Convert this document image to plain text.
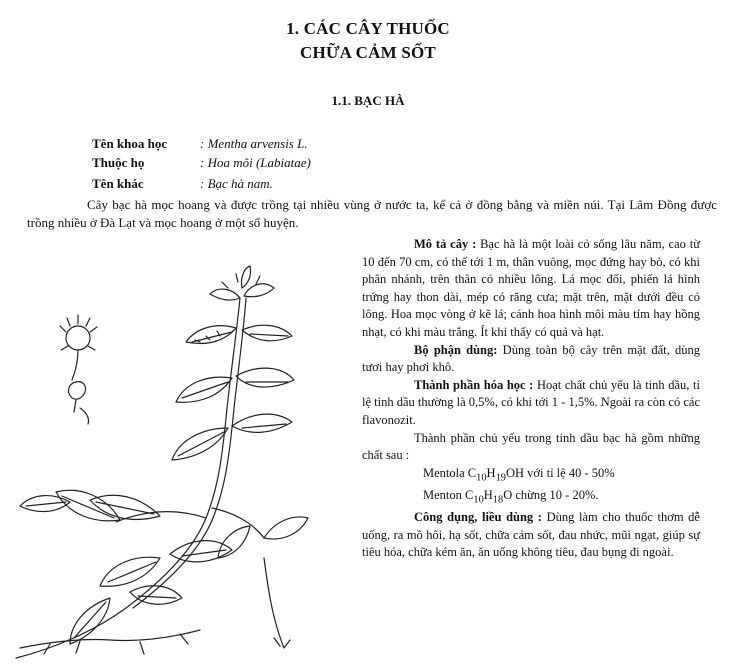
1. CÁC CÂY THUỐC
CHỮA CẢM SỐT
1.1. BẠC HÀ
Tên khoa học	: Mentha arvensis L.
Thuộc họ	: Hoa môi (Labiatae)
Tên khác	: Bạc hà nam.
Cây bạc hà mọc hoang và được trồng tại nhiều vùng ở nước ta, kể cả ở đồng bằng và miền núi. Tại Lâm Đồng được trồng nhiều ở Đà Lạt và mọc hoang ở một số huyện.

Mô tả cây : Bạc hà là một loài cỏ sống lâu năm, cao từ 10 đến 70 cm, có thể tới 1 m, thân vuông, mọc đứng hay bò, có khi phân nhánh, trên thân có nhiều lông. Lá mọc đối, phiến lá hình trứng hay thon dài, mép có răng cưa; mặt trên, mặt dưới đều có lông. Hoa mọc vòng ở kẽ lá; cánh hoa hình môi màu tím hay hồng nhạt, có khi màu trắng. Ít khi thấy có quả và hạt.

Bộ phận dùng: Dùng toàn bộ cây trên mặt đất, dùng tươi hay phơi khô.

Thành phần hóa học : Hoạt chất chủ yếu là tinh dầu, tỉ lệ tinh dầu thường là 0,5%, có khi tới 1 - 1,5%. Ngoài ra còn có các flavonozit.

Thành phần chủ yếu trong tinh dầu bạc hà gồm những chất sau :

Mentola $C_{10}H_{19}OH$ với tỉ lệ 40 - 50%

Menton $C_{10}H_{18}O$ chừng 10 - 20%.

Công dụng, liều dùng : Dùng làm cho thuốc thơm dễ uống, ra mồ hôi, hạ sốt, chữa cảm sốt, đau nhức, mũi ngạt, giúp sự tiêu hóa, chữa kém ăn, ăn uống không tiêu, đau bụng đi ngoài.
